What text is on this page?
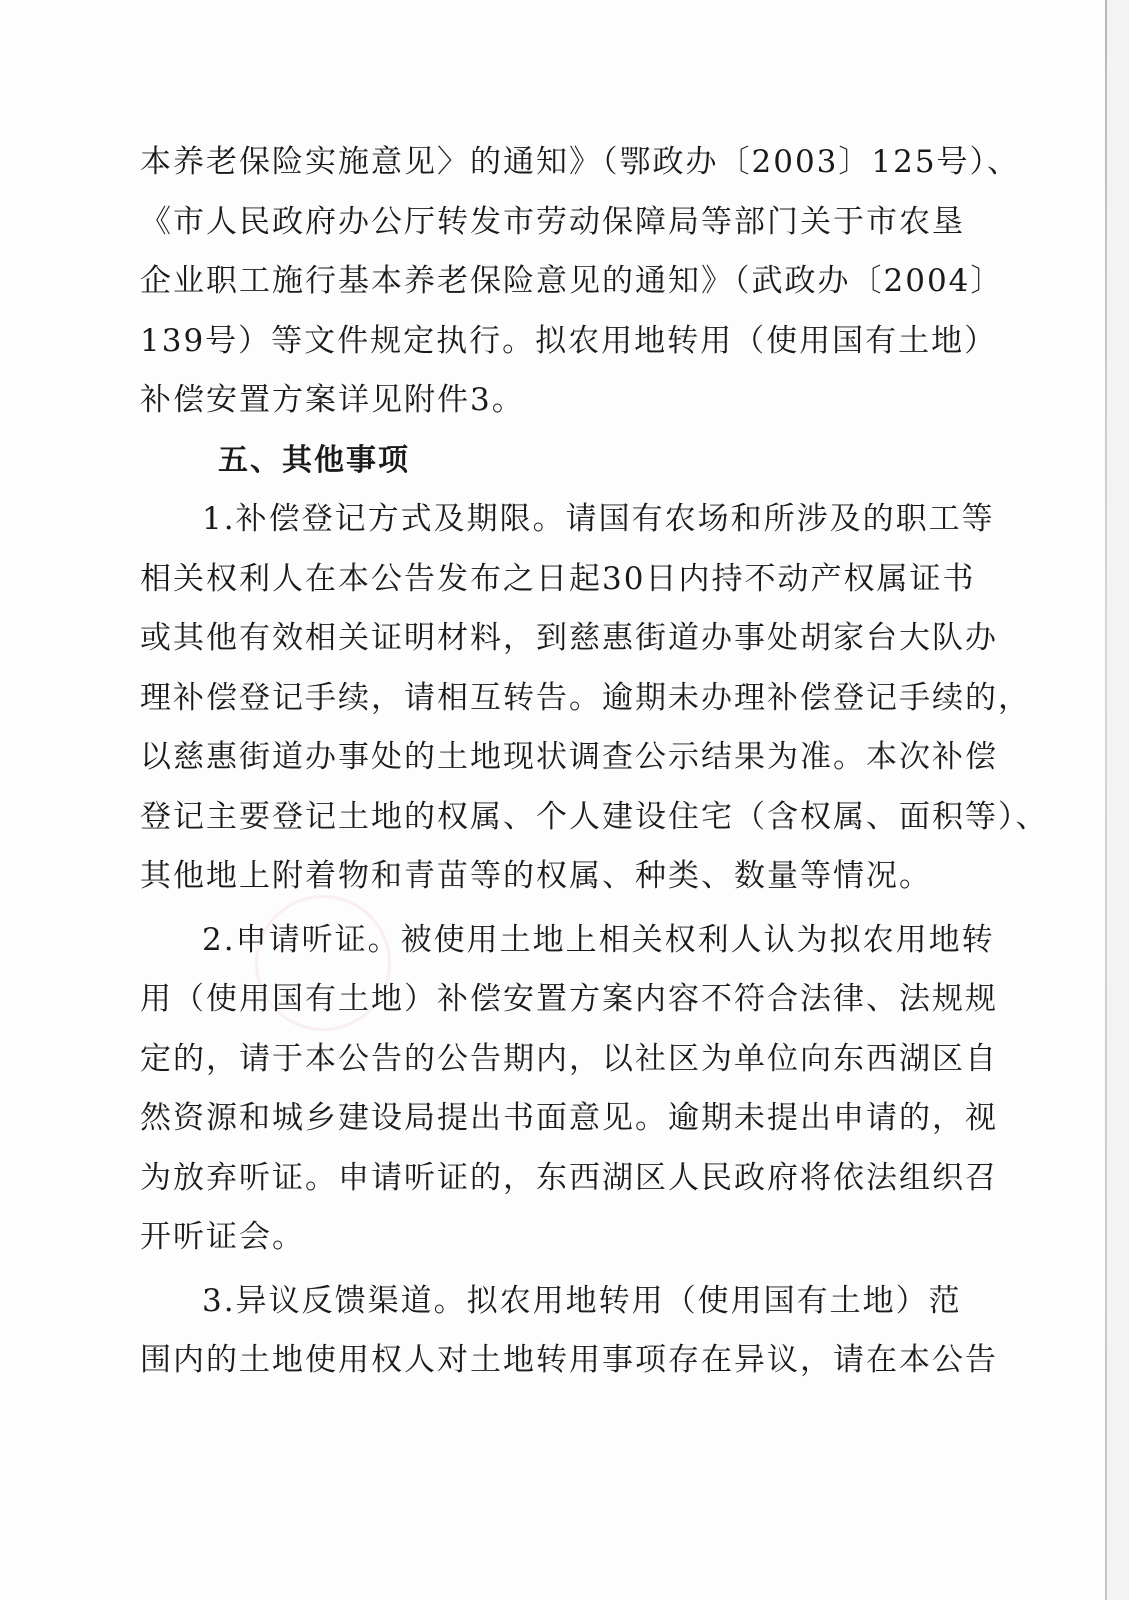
本养老保险实施意见〉的通知》（鄂政办〔2003〕125号）、
《市人民政府办公厅转发市劳动保障局等部门关于市农垦
企业职工施行基本养老保险意见的通知》（武政办〔2004〕
139号）等文件规定执行。拟农用地转用（使用国有土地）
补偿安置方案详见附件3。
五、其他事项
1.补偿登记方式及期限。请国有农场和所涉及的职工等
相关权利人在本公告发布之日起30日内持不动产权属证书
或其他有效相关证明材料，到慈惠街道办事处胡家台大队办
理补偿登记手续，请相互转告。逾期未办理补偿登记手续的，
以慈惠街道办事处的土地现状调查公示结果为准。本次补偿
登记主要登记土地的权属、个人建设住宅（含权属、面积等）、
其他地上附着物和青苗等的权属、种类、数量等情况。
2.申请听证。被使用土地上相关权利人认为拟农用地转
用（使用国有土地）补偿安置方案内容不符合法律、法规规
定的，请于本公告的公告期内，以社区为单位向东西湖区自
然资源和城乡建设局提出书面意见。逾期未提出申请的，视
为放弃听证。申请听证的，东西湖区人民政府将依法组织召
开听证会。
3.异议反馈渠道。拟农用地转用（使用国有土地）范
围内的土地使用权人对土地转用事项存在异议，请在本公告
